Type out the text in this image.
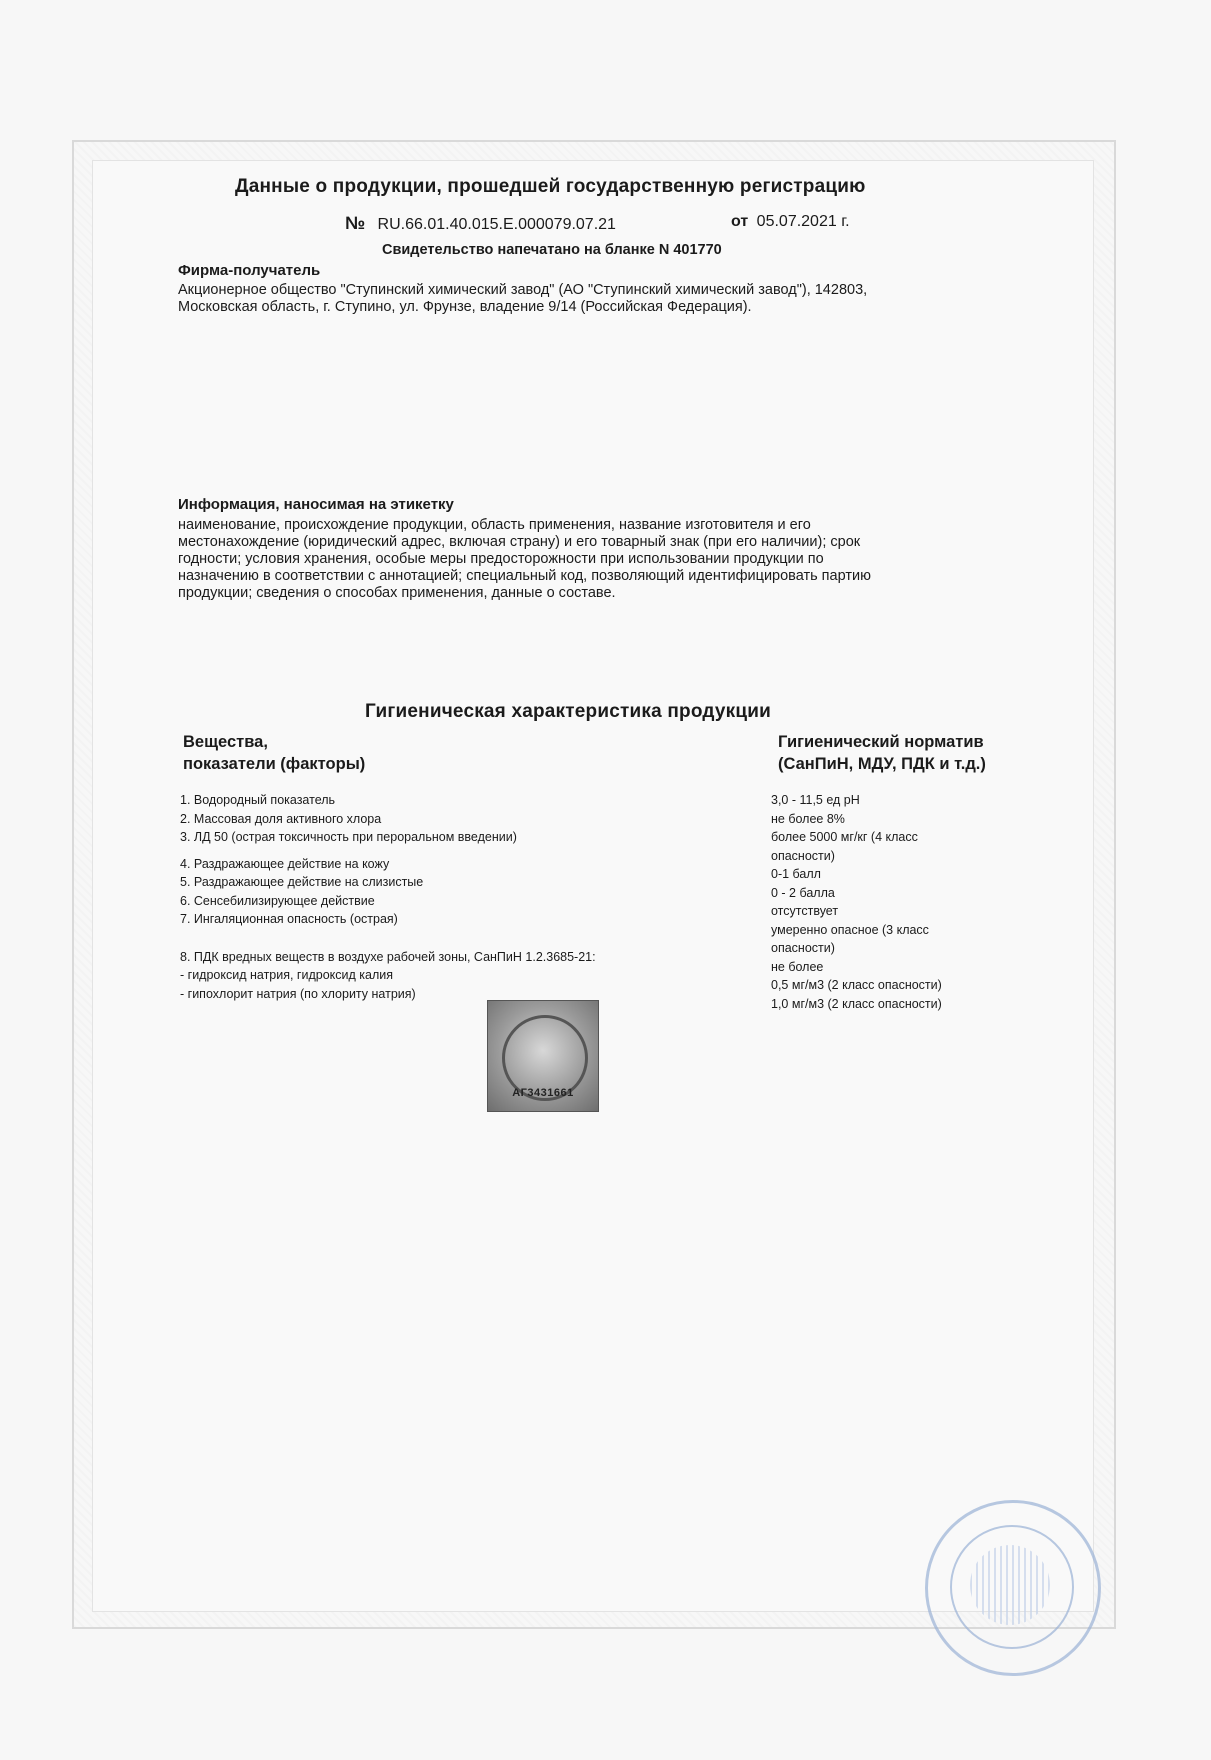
Данные о продукции, прошедшей государственную регистрацию
№ RU.66.01.40.015.E.000079.07.21	от 05.07.2021 г.
Свидетельство напечатано на бланке N 401770
Фирма-получатель
Акционерное общество "Ступинский химический завод" (АО "Ступинский химический завод"), 142803,
Московская область, г. Ступино, ул. Фрунзе, владение 9/14 (Российская Федерация).
Информация, наносимая на этикетку
наименование, происхождение продукции, область применения, название изготовителя и его
местонахождение (юридический адрес, включая страну) и его товарный знак (при его наличии); срок
годности; условия хранения, особые меры предосторожности при использовании продукции по
назначению в соответствии с аннотацией; специальный код, позволяющий идентифицировать партию
продукции; сведения о способах применения, данные о составе.
Гигиеническая характеристика продукции
Вещества,
показатели (факторы)
Гигиенический норматив
(СанПиН, МДУ, ПДК и т.д.)
1. Водородный показатель
2. Массовая доля активного хлора
3. ЛД 50 (острая токсичность при пероральном введении)
4. Раздражающее действие на кожу
5. Раздражающее действие на слизистые
6. Сенсебилизирующее действие
7. Ингаляционная опасность (острая)
8. ПДК вредных веществ в воздухе рабочей зоны, СанПиН 1.2.3685-21:
- гидроксид натрия, гидроксид калия
- гипохлорит натрия (по хлориту натрия)
3,0 - 11,5 ед pH
не более 8%
более 5000 мг/кг (4 класс
опасности)
0-1 балл
0 - 2 балла
отсутствует
умеренно опасное (3 класс
опасности)
не более
0,5 мг/м3 (2 класс опасности)
1,0 мг/м3 (2 класс опасности)
АГ3431661
